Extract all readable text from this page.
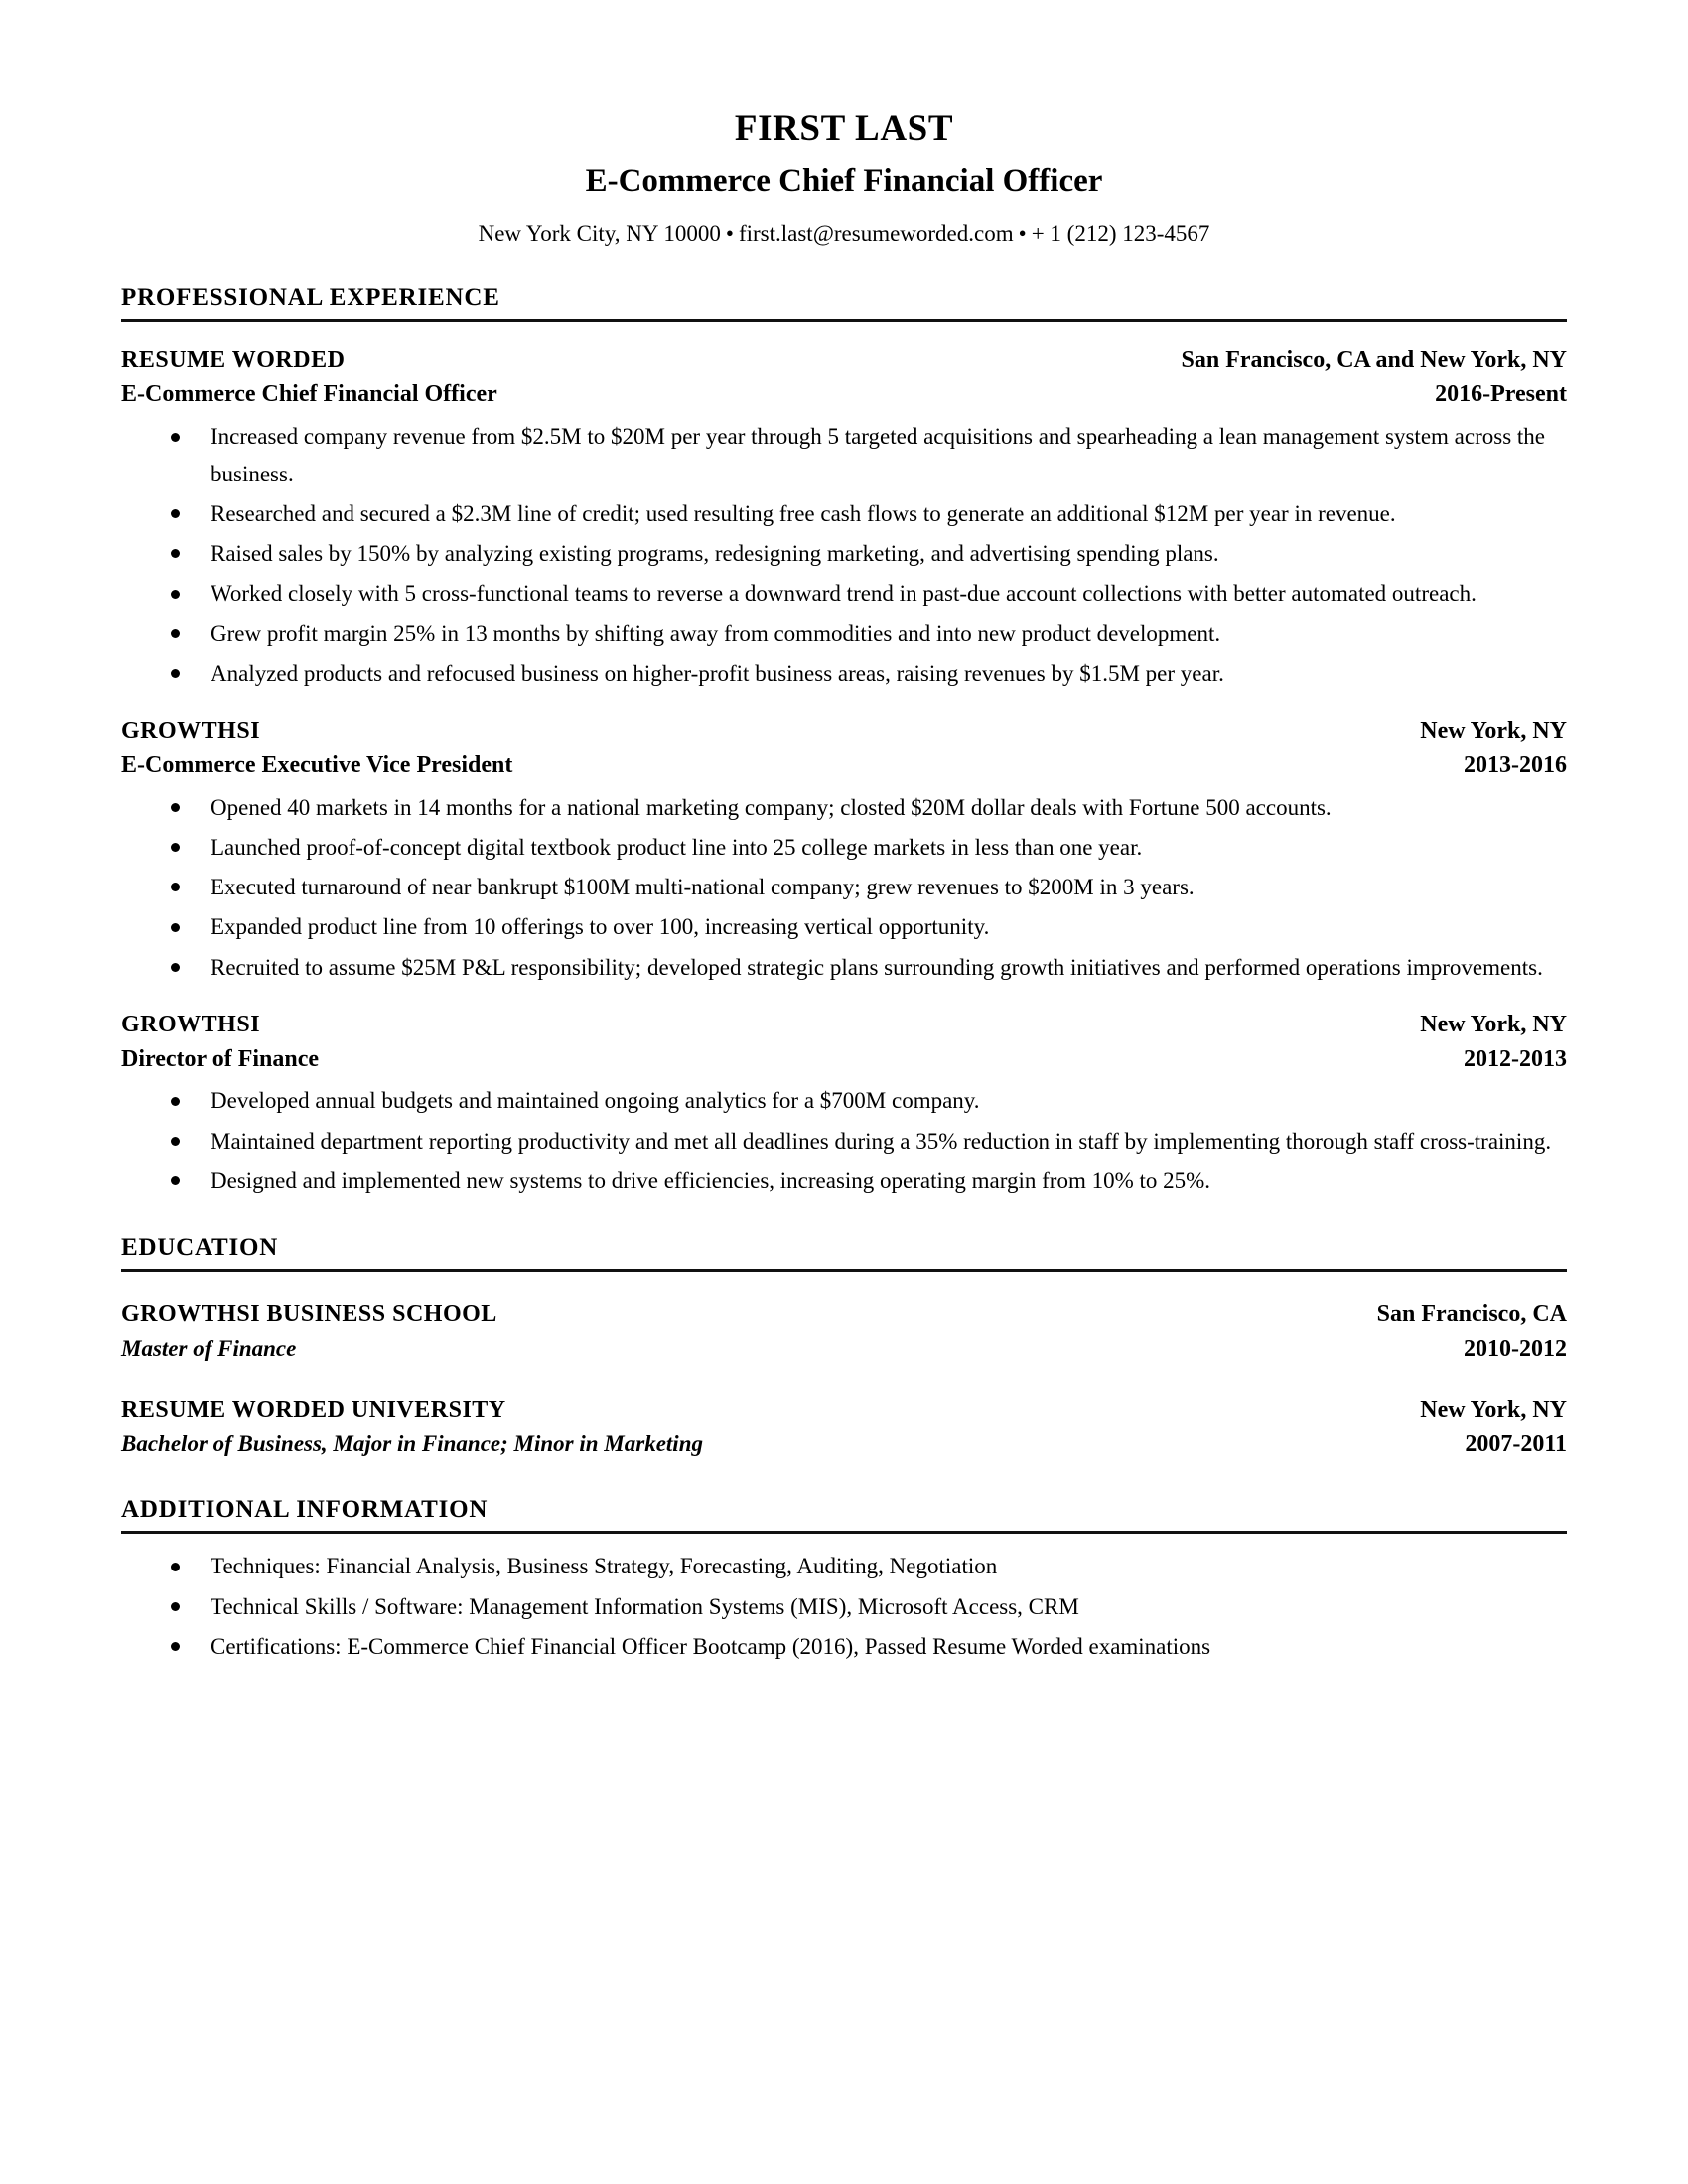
FIRST LAST
E-Commerce Chief Financial Officer
New York City, NY 10000 • first.last@resumeworded.com • + 1 (212) 123-4567
PROFESSIONAL EXPERIENCE
RESUME WORDED	San Francisco, CA and New York, NY
E-Commerce Chief Financial Officer	2016-Present
Increased company revenue from $2.5M to $20M per year through 5 targeted acquisitions and spearheading a lean management system across the business.
Researched and secured a $2.3M line of credit; used resulting free cash flows to generate an additional $12M per year in revenue.
Raised sales by 150% by analyzing existing programs, redesigning marketing, and advertising spending plans.
Worked closely with 5 cross-functional teams to reverse a downward trend in past-due account collections with better automated outreach.
Grew profit margin 25% in 13 months by shifting away from commodities and into new product development.
Analyzed products and refocused business on higher-profit business areas, raising revenues by $1.5M per year.
GROWTHSI	New York, NY
E-Commerce Executive Vice President	2013-2016
Opened 40 markets in 14 months for a national marketing company; closted $20M dollar deals with Fortune 500 accounts.
Launched proof-of-concept digital textbook product line into 25 college markets in less than one year.
Executed turnaround of near bankrupt $100M multi-national company; grew revenues to $200M in 3 years.
Expanded product line from 10 offerings to over 100, increasing vertical opportunity.
Recruited to assume $25M P&L responsibility; developed strategic plans surrounding growth initiatives and performed operations improvements.
GROWTHSI	New York, NY
Director of Finance	2012-2013
Developed annual budgets and maintained ongoing analytics for a $700M company.
Maintained department reporting productivity and met all deadlines during a 35% reduction in staff by implementing thorough staff cross-training.
Designed and implemented new systems to drive efficiencies, increasing operating margin from 10% to 25%.
EDUCATION
GROWTHSI BUSINESS SCHOOL	San Francisco, CA
Master of Finance	2010-2012
RESUME WORDED UNIVERSITY	New York, NY
Bachelor of Business, Major in Finance; Minor in Marketing	2007-2011
ADDITIONAL INFORMATION
Techniques: Financial Analysis, Business Strategy, Forecasting, Auditing, Negotiation
Technical Skills / Software: Management Information Systems (MIS), Microsoft Access, CRM
Certifications: E-Commerce Chief Financial Officer Bootcamp (2016), Passed Resume Worded examinations
